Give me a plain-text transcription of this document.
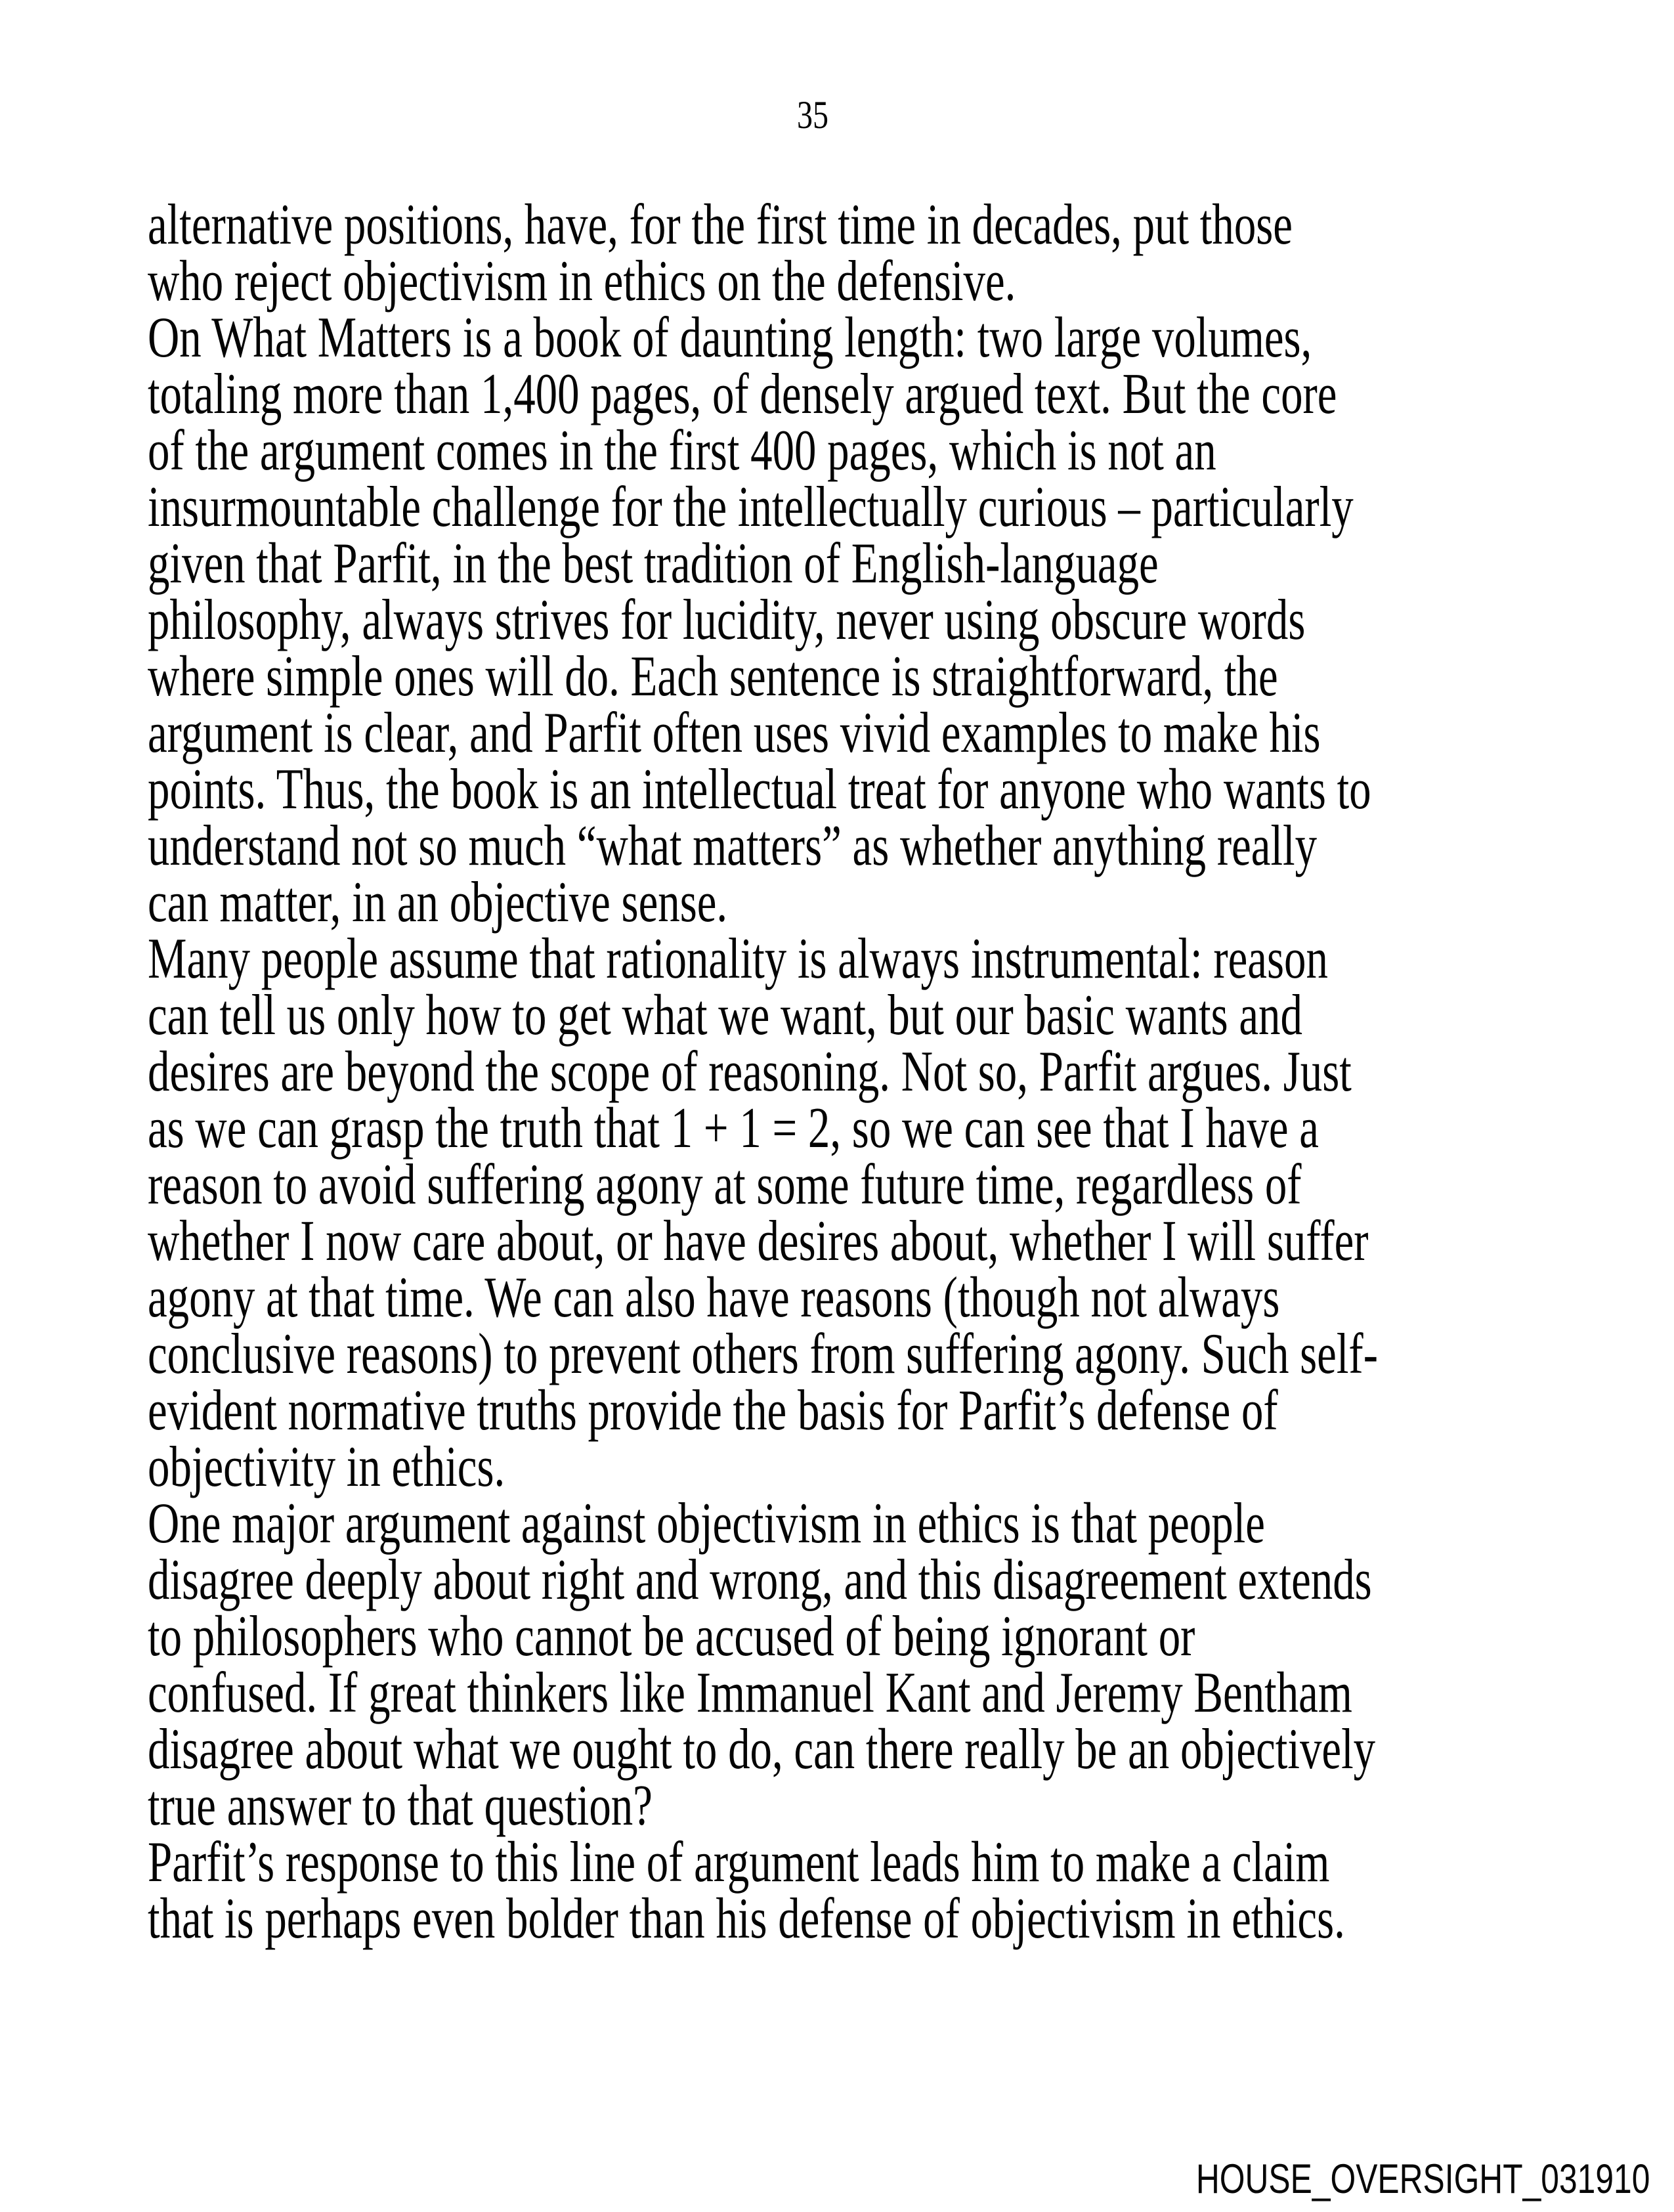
35
alternative positions, have, for the first time in decades, put those
who reject objectivism in ethics on the defensive.
On What Matters is a book of daunting length: two large volumes,
totaling more than 1,400 pages, of densely argued text. But the core
of the argument comes in the first 400 pages, which is not an
insurmountable challenge for the intellectually curious – particularly
given that Parfit, in the best tradition of English-language
philosophy, always strives for lucidity, never using obscure words
where simple ones will do. Each sentence is straightforward, the
argument is clear, and Parfit often uses vivid examples to make his
points. Thus, the book is an intellectual treat for anyone who wants to
understand not so much “what matters” as whether anything really
can matter, in an objective sense.
Many people assume that rationality is always instrumental: reason
can tell us only how to get what we want, but our basic wants and
desires are beyond the scope of reasoning. Not so, Parfit argues. Just
as we can grasp the truth that 1 + 1 = 2, so we can see that I have a
reason to avoid suffering agony at some future time, regardless of
whether I now care about, or have desires about, whether I will suffer
agony at that time. We can also have reasons (though not always
conclusive reasons) to prevent others from suffering agony. Such self-
evident normative truths provide the basis for Parfit’s defense of
objectivity in ethics.
One major argument against objectivism in ethics is that people
disagree deeply about right and wrong, and this disagreement extends
to philosophers who cannot be accused of being ignorant or
confused. If great thinkers like Immanuel Kant and Jeremy Bentham
disagree about what we ought to do, can there really be an objectively
true answer to that question?
Parfit’s response to this line of argument leads him to make a claim
that is perhaps even bolder than his defense of objectivism in ethics.
HOUSE_OVERSIGHT_031910
